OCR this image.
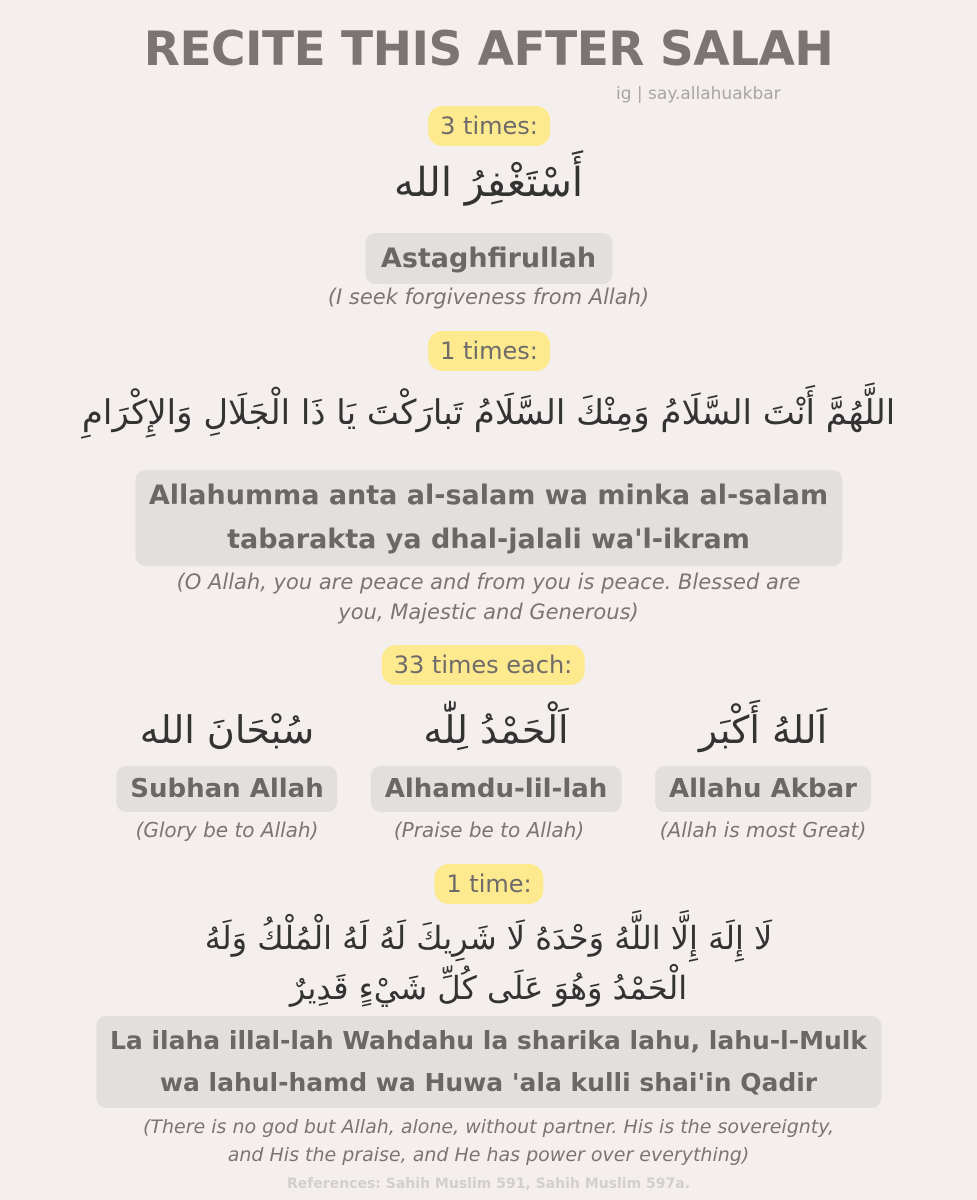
RECITE THIS AFTER SALAH
ig | say.allahuakbar
3 times:
أَسْتَغْفِرُ الله
Astaghfirullah
(I seek forgiveness from Allah)
1 times:
اللَّهُمَّ أَنْتَ السَّلَامُ وَمِنْكَ السَّلَامُ تَبارَكْتَ يَا ذَا الْجَلَالِ وَالإِكْرَامِ
Allahumma anta al-salam wa minka al-salam
tabarakta ya dhal-jalali wa'l-ikram
(O Allah, you are peace and from you is peace. Blessed are
you, Majestic and Generous)
33 times each:
سُبْحَانَ الله	اَلْحَمْدُ لِلّٰه	اَللهُ أَكْبَر
Subhan Allah	Alhamdu-lil-lah	Allahu Akbar
(Glory be to Allah)	(Praise be to Allah)	(Allah is most Great)
1 time:
لَا إِلَهَ إِلَّا اللَّهُ وَحْدَهُ لَا شَرِيكَ لَهُ لَهُ الْمُلْكُ وَلَهُ
الْحَمْدُ وَهُوَ عَلَى كُلِّ شَيْءٍ قَدِيرٌ
La ilaha illal-lah Wahdahu la sharika lahu, lahu-l-Mulk
wa lahul-hamd wa Huwa 'ala kulli shai'in Qadir
(There is no god but Allah, alone, without partner. His is the sovereignty,
and His the praise, and He has power over everything)
References: Sahih Muslim 591, Sahih Muslim 597a.
